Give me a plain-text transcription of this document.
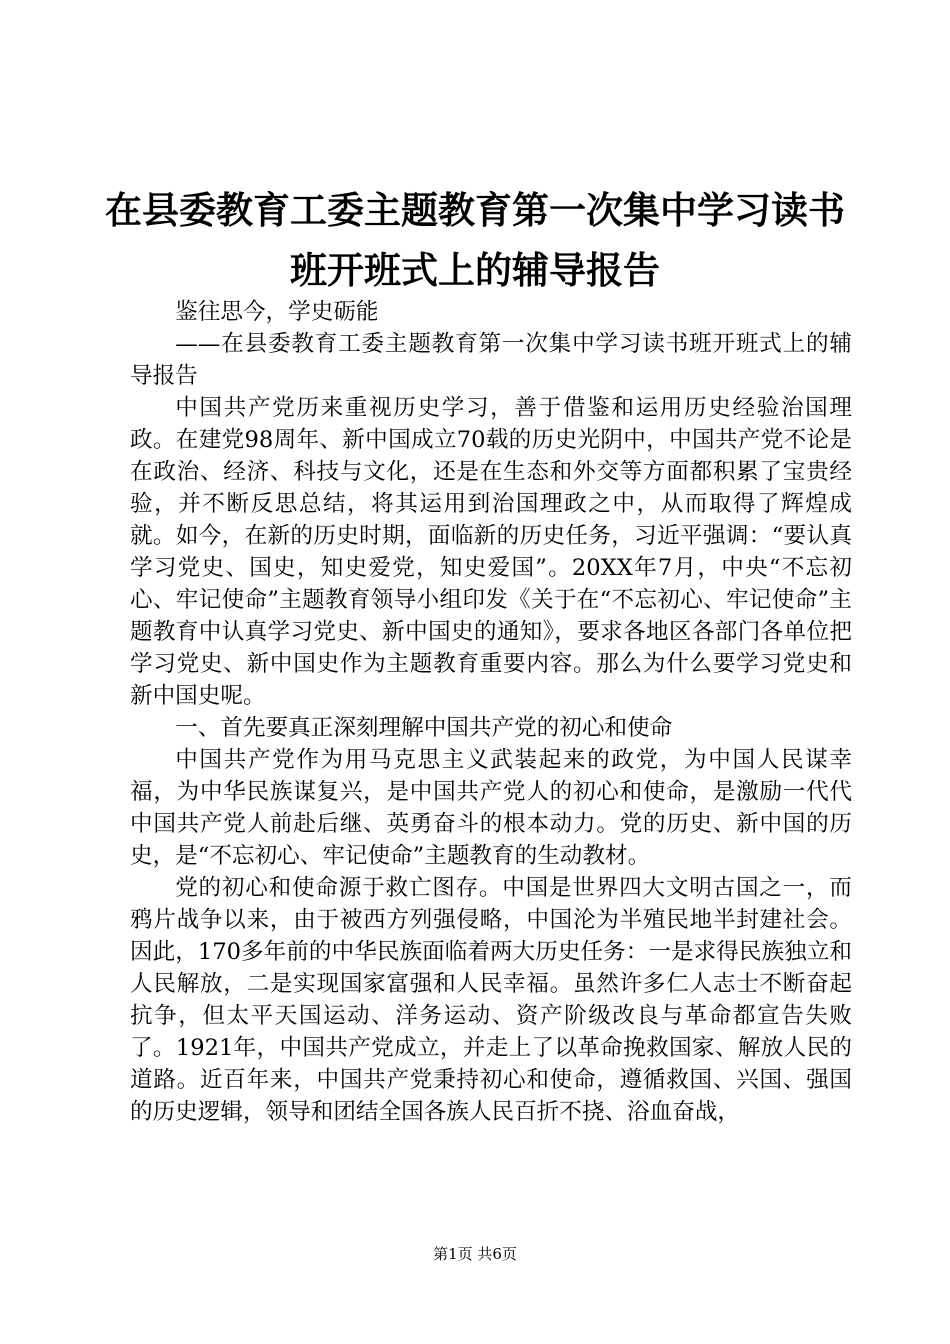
在县委教育工委主题教育第一次集中学习读书
班开班式上的辅导报告

鉴往思今，学史砺能

——在县委教育工委主题教育第一次集中学习读书班开班式上的辅导报告

中国共产党历来重视历史学习，善于借鉴和运用历史经验治国理政。在建党98周年、新中国成立70载的历史光阴中，中国共产党不论是在政治、经济、科技与文化，还是在生态和外交等方面都积累了宝贵经验，并不断反思总结，将其运用到治国理政之中，从而取得了辉煌成就。如今，在新的历史时期，面临新的历史任务，习近平强调：“要认真学习党史、国史，知史爱党，知史爱国”。20XX年7月，中央“不忘初心、牢记使命”主题教育领导小组印发《关于在“不忘初心、牢记使命”主题教育中认真学习党史、新中国史的通知》，要求各地区各部门各单位把学习党史、新中国史作为主题教育重要内容。那么为什么要学习党史和新中国史呢。

一、首先要真正深刻理解中国共产党的初心和使命

中国共产党作为用马克思主义武装起来的政党，为中国人民谋幸福，为中华民族谋复兴，是中国共产党人的初心和使命，是激励一代代中国共产党人前赴后继、英勇奋斗的根本动力。党的历史、新中国的历史，是“不忘初心、牢记使命”主题教育的生动教材。

党的初心和使命源于救亡图存。中国是世界四大文明古国之一，而鸦片战争以来，由于被西方列强侵略，中国沦为半殖民地半封建社会。因此，170多年前的中华民族面临着两大历史任务：一是求得民族独立和人民解放，二是实现国家富强和人民幸福。虽然许多仁人志士不断奋起抗争，但太平天国运动、洋务运动、资产阶级改良与革命都宣告失败了。1921年，中国共产党成立，并走上了以革命挽救国家、解放人民的道路。近百年来，中国共产党秉持初心和使命，遵循救国、兴国、强国的历史逻辑，领导和团结全国各族人民百折不挠、浴血奋战，

第1页 共6页
